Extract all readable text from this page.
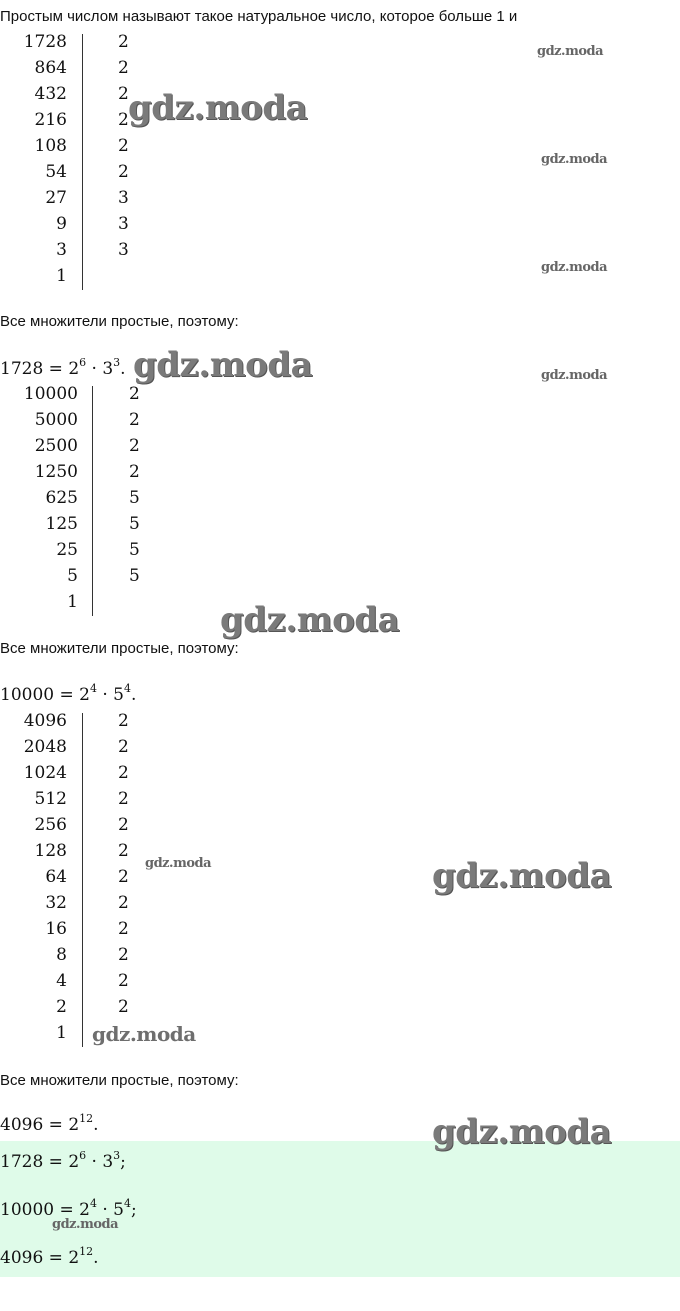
Простым числом называют такое натуральное число, которое больше 1 и
1728
864
432
216
108
54
27
9
3
1
2
2
2
2
2
2
3
3
3
Все множители простые, поэтому:
$1728 = 2^6 \cdot 3^3$.
10000
5000
2500
1250
625
125
25
5
1
2
2
2
2
5
5
5
5
Все множители простые, поэтому:
$10000 = 2^4 \cdot 5^4$.
4096
2048
1024
512
256
128
64
32
16
8
4
2
1
2
2
2
2
2
2
2
2
2
2
2
2
Все множители простые, поэтому:
$4096 = 2^{12}$.
$1728 = 2^6 \cdot 3^3$;
$10000 = 2^4 \cdot 5^4$;
$4096 = 2^{12}$.
gdz.moda
gdz.moda
gdz.moda
gdz.moda
gdz.moda	gdz.moda
gdz.moda
gdz.moda	gdz.moda
gdz.moda
gdz.moda
gdz.moda
